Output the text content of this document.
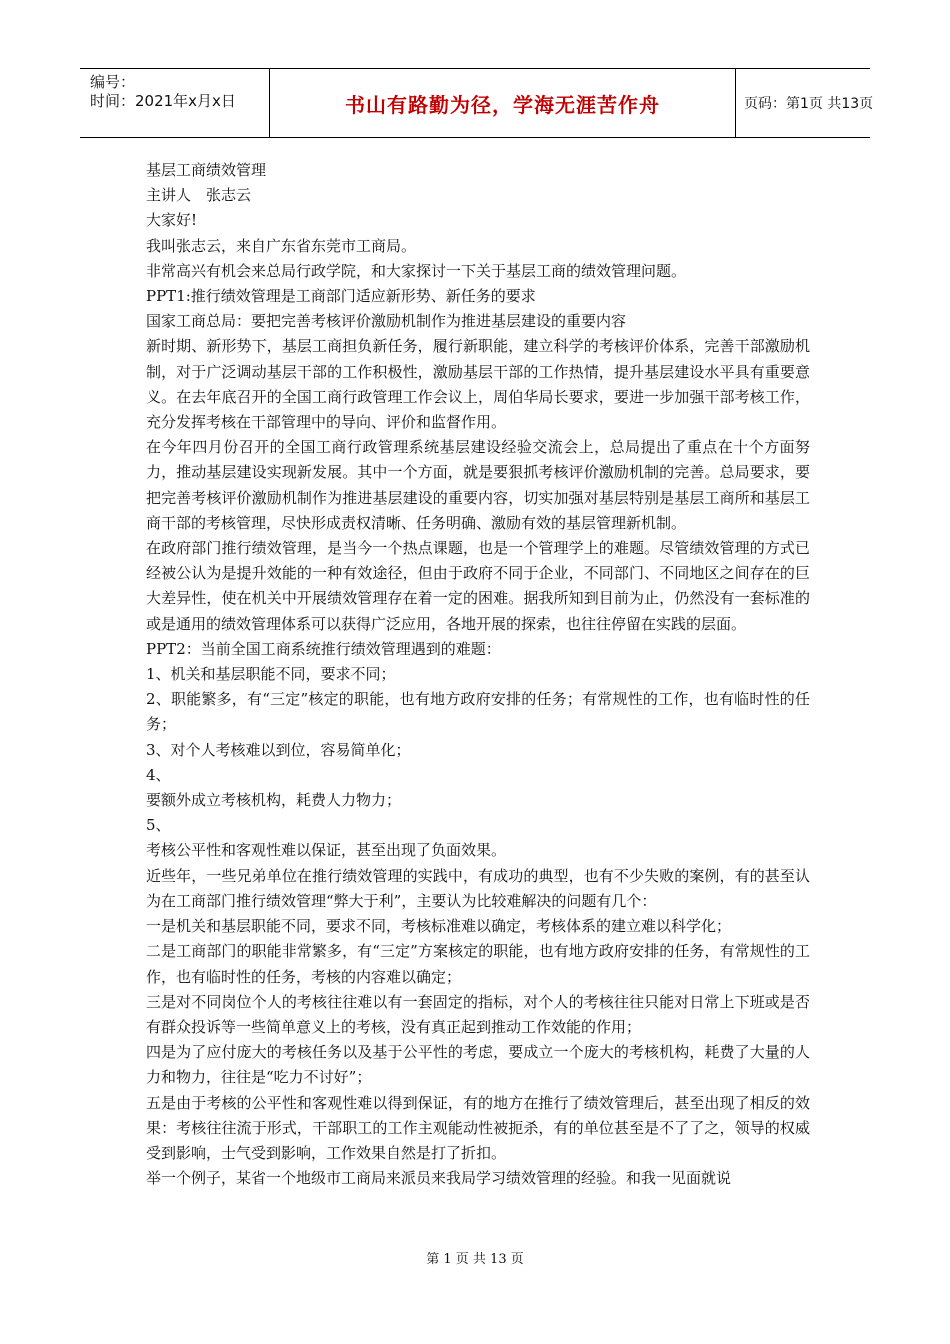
编号：
时间：2021年x月x日	书山有路勤为径，学海无涯苦作舟	页码：第1页 共13页

基层工商绩效管理

主讲人　张志云

大家好!

我叫张志云，来自广东省东莞市工商局。

非常高兴有机会来总局行政学院，和大家探讨一下关于基层工商的绩效管理问题。

PPT1:推行绩效管理是工商部门适应新形势、新任务的要求

国家工商总局：要把完善考核评价激励机制作为推进基层建设的重要内容

新时期、新形势下，基层工商担负新任务，履行新职能，建立科学的考核评价体系，完善干部激励机制，对于广泛调动基层干部的工作积极性，激励基层干部的工作热情，提升基层建设水平具有重要意义。在去年底召开的全国工商行政管理工作会议上，周伯华局长要求，要进一步加强干部考核工作，充分发挥考核在干部管理中的导向、评价和监督作用。

在今年四月份召开的全国工商行政管理系统基层建设经验交流会上，总局提出了重点在十个方面努力，推动基层建设实现新发展。其中一个方面，就是要狠抓考核评价激励机制的完善。总局要求，要把完善考核评价激励机制作为推进基层建设的重要内容，切实加强对基层特别是基层工商所和基层工商干部的考核管理，尽快形成责权清晰、任务明确、激励有效的基层管理新机制。

在政府部门推行绩效管理，是当今一个热点课题，也是一个管理学上的难题。尽管绩效管理的方式已经被公认为是提升效能的一种有效途径，但由于政府不同于企业，不同部门、不同地区之间存在的巨大差异性，使在机关中开展绩效管理存在着一定的困难。据我所知到目前为止，仍然没有一套标准的或是通用的绩效管理体系可以获得广泛应用，各地开展的探索，也往往停留在实践的层面。

PPT2：当前全国工商系统推行绩效管理遇到的难题：

1、机关和基层职能不同，要求不同；

2、职能繁多，有“三定”核定的职能，也有地方政府安排的任务；有常规性的工作，也有临时性的任务；

3、对个人考核难以到位，容易简单化；

4、

要额外成立考核机构，耗费人力物力；

5、

考核公平性和客观性难以保证，甚至出现了负面效果。

近些年，一些兄弟单位在推行绩效管理的实践中，有成功的典型，也有不少失败的案例，有的甚至认为在工商部门推行绩效管理“弊大于利”，主要认为比较难解决的问题有几个：

一是机关和基层职能不同，要求不同，考核标准难以确定，考核体系的建立难以科学化；

二是工商部门的职能非常繁多，有“三定”方案核定的职能，也有地方政府安排的任务，有常规性的工作，也有临时性的任务，考核的内容难以确定；

三是对不同岗位个人的考核往往难以有一套固定的指标，对个人的考核往往只能对日常上下班或是否有群众投诉等一些简单意义上的考核，没有真正起到推动工作效能的作用；

四是为了应付庞大的考核任务以及基于公平性的考虑，要成立一个庞大的考核机构，耗费了大量的人力和物力，往往是“吃力不讨好”；

五是由于考核的公平性和客观性难以得到保证，有的地方在推行了绩效管理后，甚至出现了相反的效果：考核往往流于形式，干部职工的工作主观能动性被扼杀，有的单位甚至是不了了之，领导的权威受到影响，士气受到影响，工作效果自然是打了折扣。

举一个例子，某省一个地级市工商局来派员来我局学习绩效管理的经验。和我一见面就说

第 1 页 共 13 页
